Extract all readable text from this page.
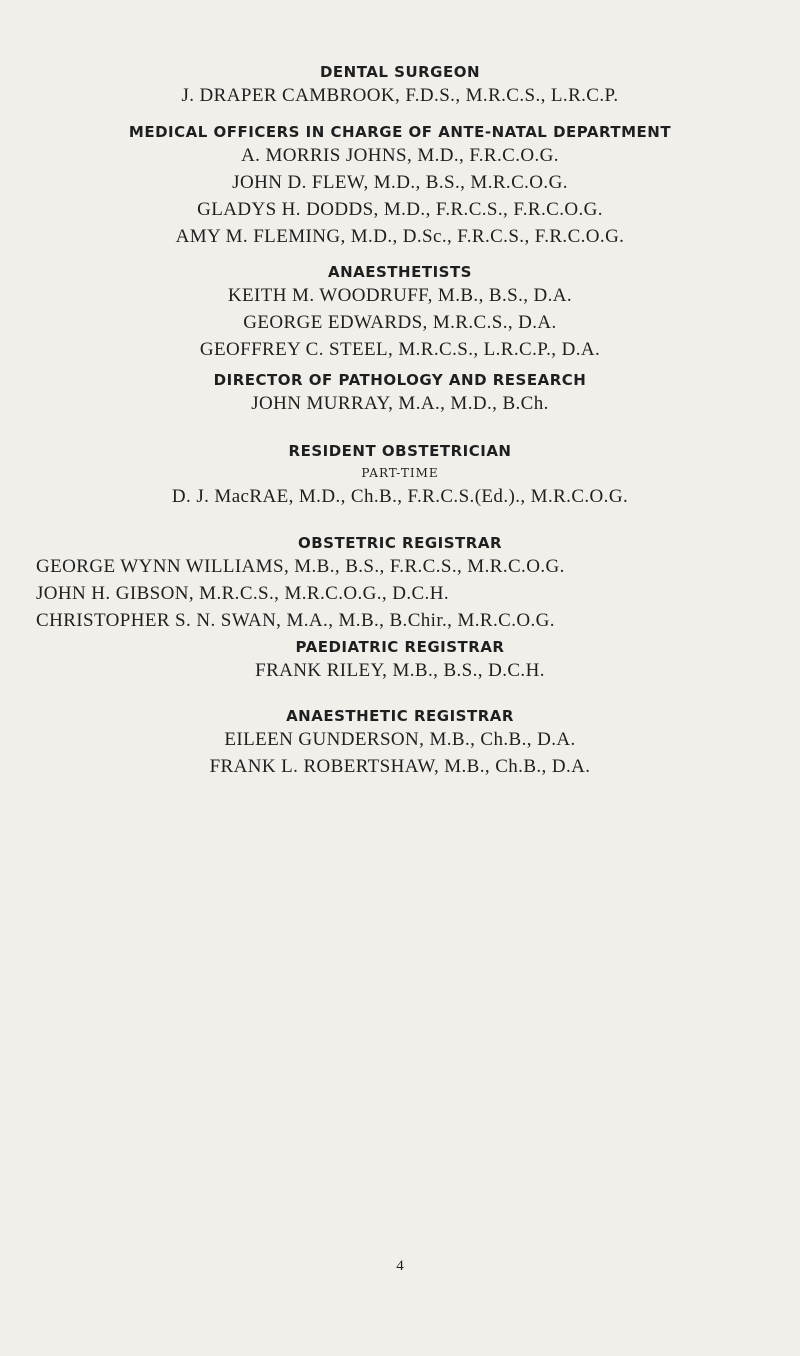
DENTAL SURGEON
J. DRAPER CAMBROOK, F.D.S., M.R.C.S., L.R.C.P.
MEDICAL OFFICERS IN CHARGE OF ANTE-NATAL DEPARTMENT
A. MORRIS JOHNS, M.D., F.R.C.O.G.
JOHN D. FLEW, M.D., B.S., M.R.C.O.G.
GLADYS H. DODDS, M.D., F.R.C.S., F.R.C.O.G.
AMY M. FLEMING, M.D., D.Sc., F.R.C.S., F.R.C.O.G.
ANAESTHETISTS
KEITH M. WOODRUFF, M.B., B.S., D.A.
GEORGE EDWARDS, M.R.C.S., D.A.
GEOFFREY C. STEEL, M.R.C.S., L.R.C.P., D.A.
DIRECTOR OF PATHOLOGY AND RESEARCH
JOHN MURRAY, M.A., M.D., B.Ch.
RESIDENT OBSTETRICIAN
PART-TIME
D. J. MacRAE, M.D., Ch.B., F.R.C.S.(Ed.)., M.R.C.O.G.
OBSTETRIC REGISTRAR
GEORGE WYNN WILLIAMS, M.B., B.S., F.R.C.S., M.R.C.O.G.
JOHN H. GIBSON, M.R.C.S., M.R.C.O.G., D.C.H.
CHRISTOPHER S. N. SWAN, M.A., M.B., B.Chir., M.R.C.O.G.
PAEDIATRIC REGISTRAR
FRANK RILEY, M.B., B.S., D.C.H.
ANAESTHETIC REGISTRAR
EILEEN GUNDERSON, M.B., Ch.B., D.A.
FRANK L. ROBERTSHAW, M.B., Ch.B., D.A.
4
